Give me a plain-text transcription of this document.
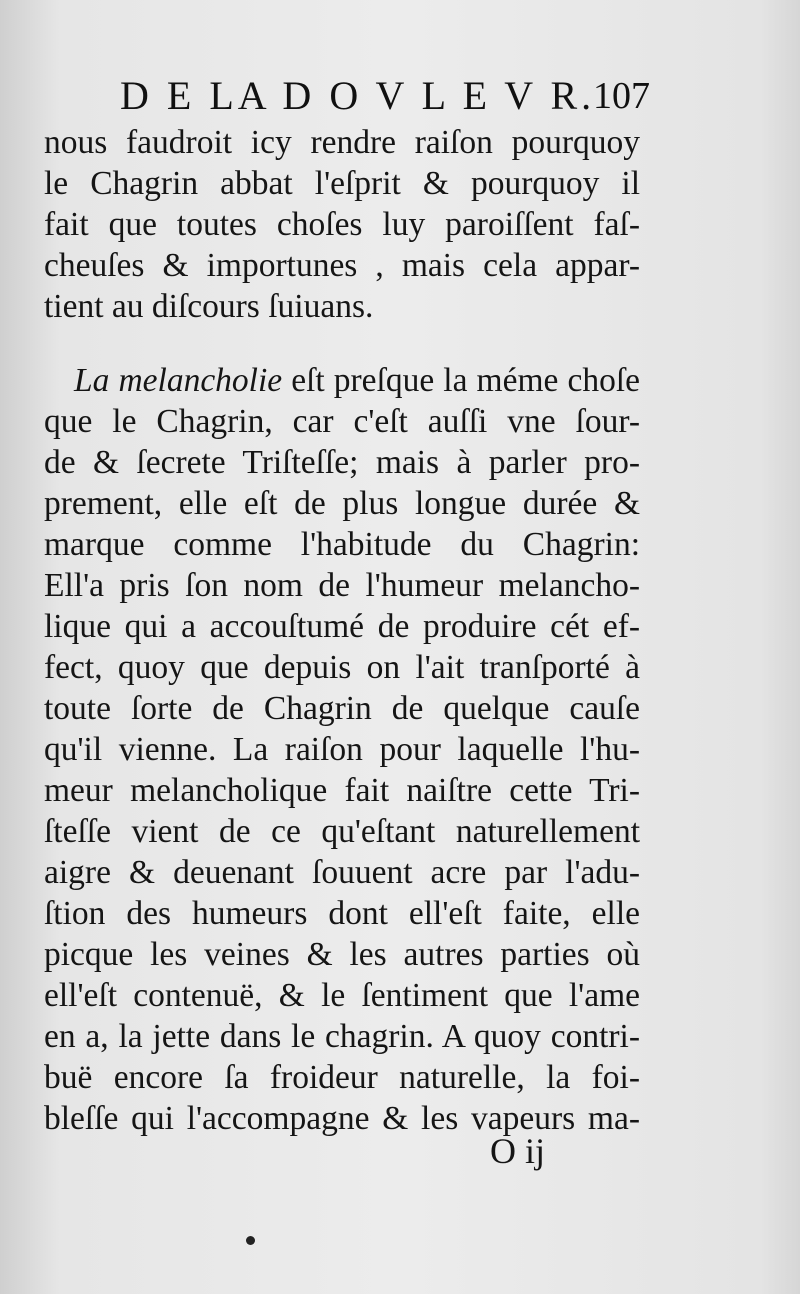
D E LA D O V L E V R.
107
nous faudroit icy rendre raiſon pourquoy
le Chagrin abbat l'eſprit & pourquoy il
fait que toutes choſes luy paroiſſent faſ-
cheuſes & importunes , mais cela appar-
tient au diſcours ſuiuans.
La melancholie eſt preſque la méme choſe
que le Chagrin, car c'eſt auſſi vne ſour-
de & ſecrete Triſteſſe; mais à parler pro-
prement, elle eſt de plus longue durée &
marque comme l'habitude du Chagrin:
Ell'a pris ſon nom de l'humeur melancho-
lique qui a accouſtumé de produire cét ef-
fect, quoy que depuis on l'ait tranſporté à
toute ſorte de Chagrin de quelque cauſe
qu'il vienne. La raiſon pour laquelle l'hu-
meur melancholique fait naiſtre cette Tri-
ſteſſe vient de ce qu'eſtant naturellement
aigre & deuenant ſouuent acre par l'adu-
ſtion des humeurs dont ell'eſt faite, elle
picque les veines & les autres parties où
ell'eſt contenuë, & le ſentiment que l'ame
en a, la jette dans le chagrin. A quoy contri-
buë encore ſa froideur naturelle, la foi-
bleſſe qui l'accompagne & les vapeurs ma-
O ij
